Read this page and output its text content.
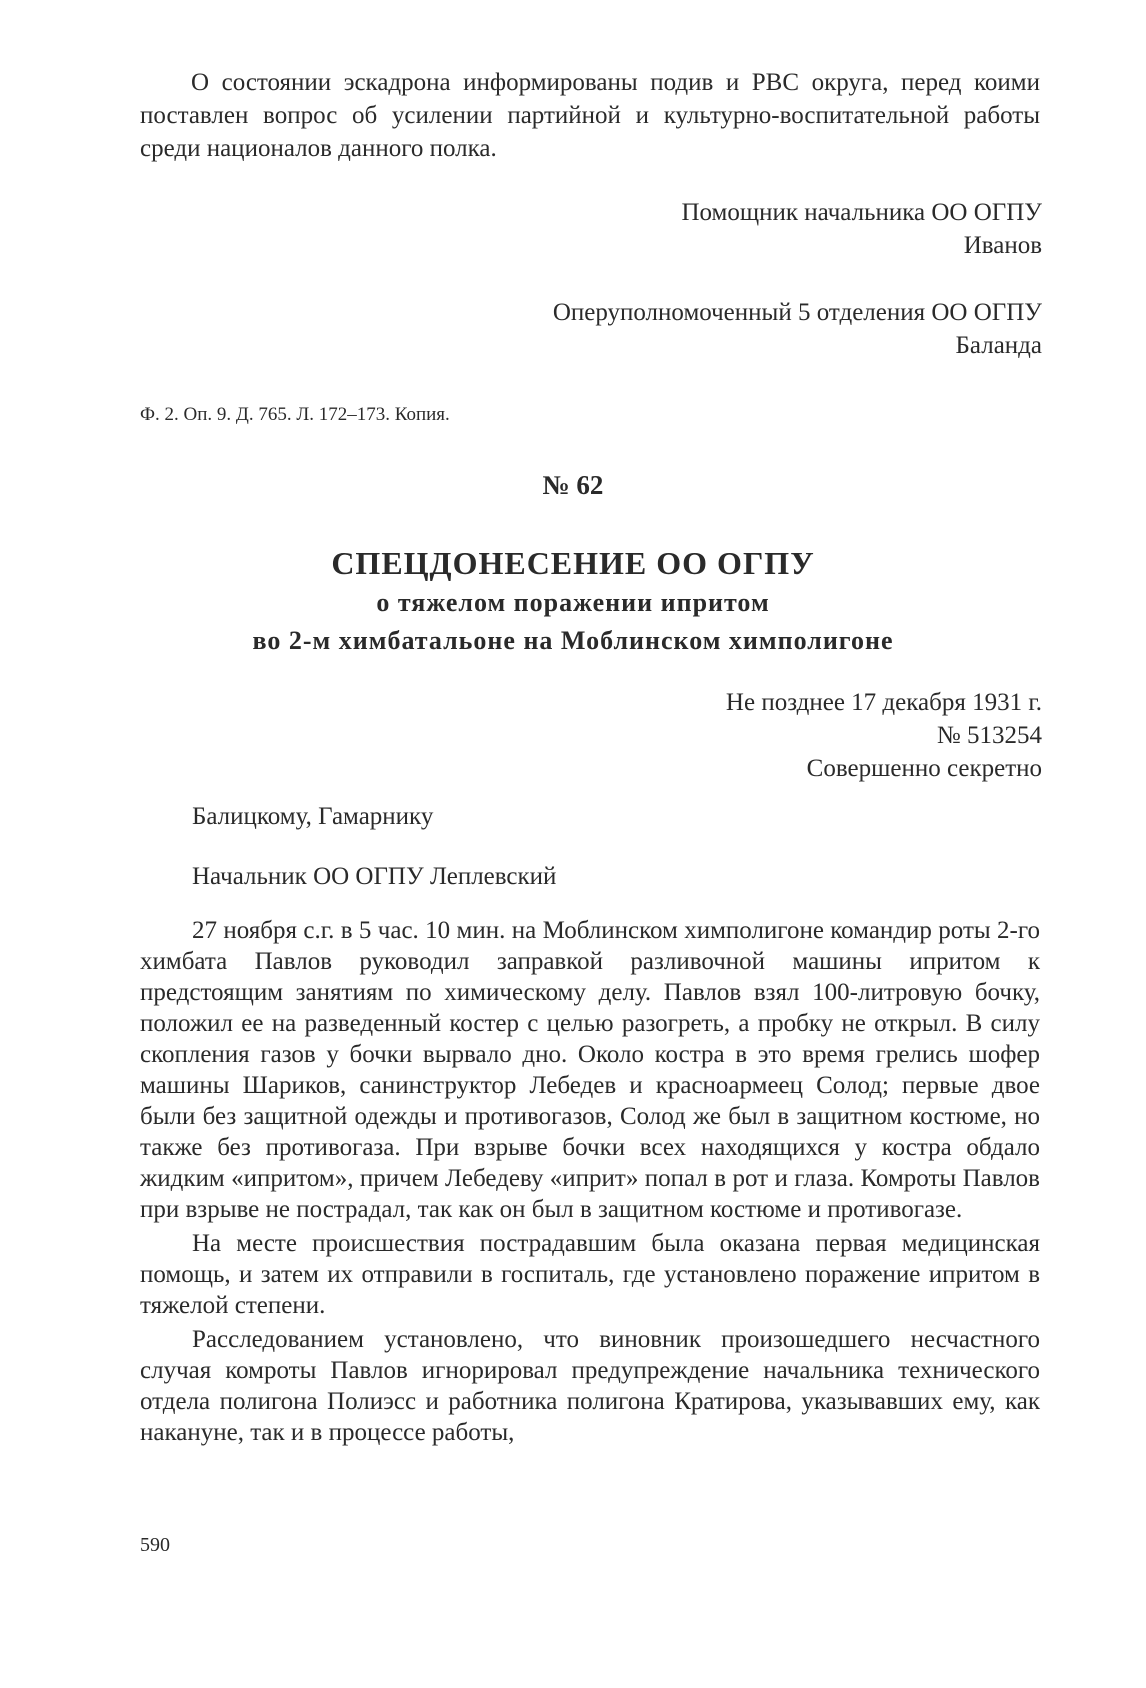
О состоянии эскадрона информированы подив и РВС округа, перед коими поставлен вопрос об усилении партийной и культурно-воспитательной работы среди националов данного полка.

Помощник начальника ОО ОГПУ
Иванов
Оперуполномоченный 5 отделения ОО ОГПУ
Баланда
Ф. 2. Оп. 9. Д. 765. Л. 172–173. Копия.
№ 62
СПЕЦДОНЕСЕНИЕ ОО ОГПУ
о тяжелом поражении ипритом
во 2-м химбатальоне на Моблинском химполигоне
Не позднее 17 декабря 1931 г.
№ 513254
Совершенно секретно
Балицкому, Гамарнику
Начальник ОО ОГПУ Леплевский

27 ноября с.г. в 5 час. 10 мин. на Моблинском химполигоне командир роты 2-го химбата Павлов руководил заправкой разливочной машины ипритом к предстоящим занятиям по химическому делу. Павлов взял 100-литровую бочку, положил ее на разведенный костер с целью разогреть, а пробку не открыл. В силу скопления газов у бочки вырвало дно. Около костра в это время грелись шофер машины Шариков, санинструктор Лебедев и красноармеец Солод; первые двое были без защитной одежды и противогазов, Солод же был в защитном костюме, но также без противогаза. При взрыве бочки всех находящихся у костра обдало жидким «ипритом», причем Лебедеву «иприт» попал в рот и глаза. Комроты Павлов при взрыве не пострадал, так как он был в защитном костюме и противогазе.

На месте происшествия пострадавшим была оказана первая медицинская помощь, и затем их отправили в госпиталь, где установлено поражение ипритом в тяжелой степени.

Расследованием установлено, что виновник произошедшего несчастного случая комроты Павлов игнорировал предупреждение начальника технического отдела полигона Полиэсс и работника полигона Кратирова, указывавших ему, как накануне, так и в процессе работы,

590
